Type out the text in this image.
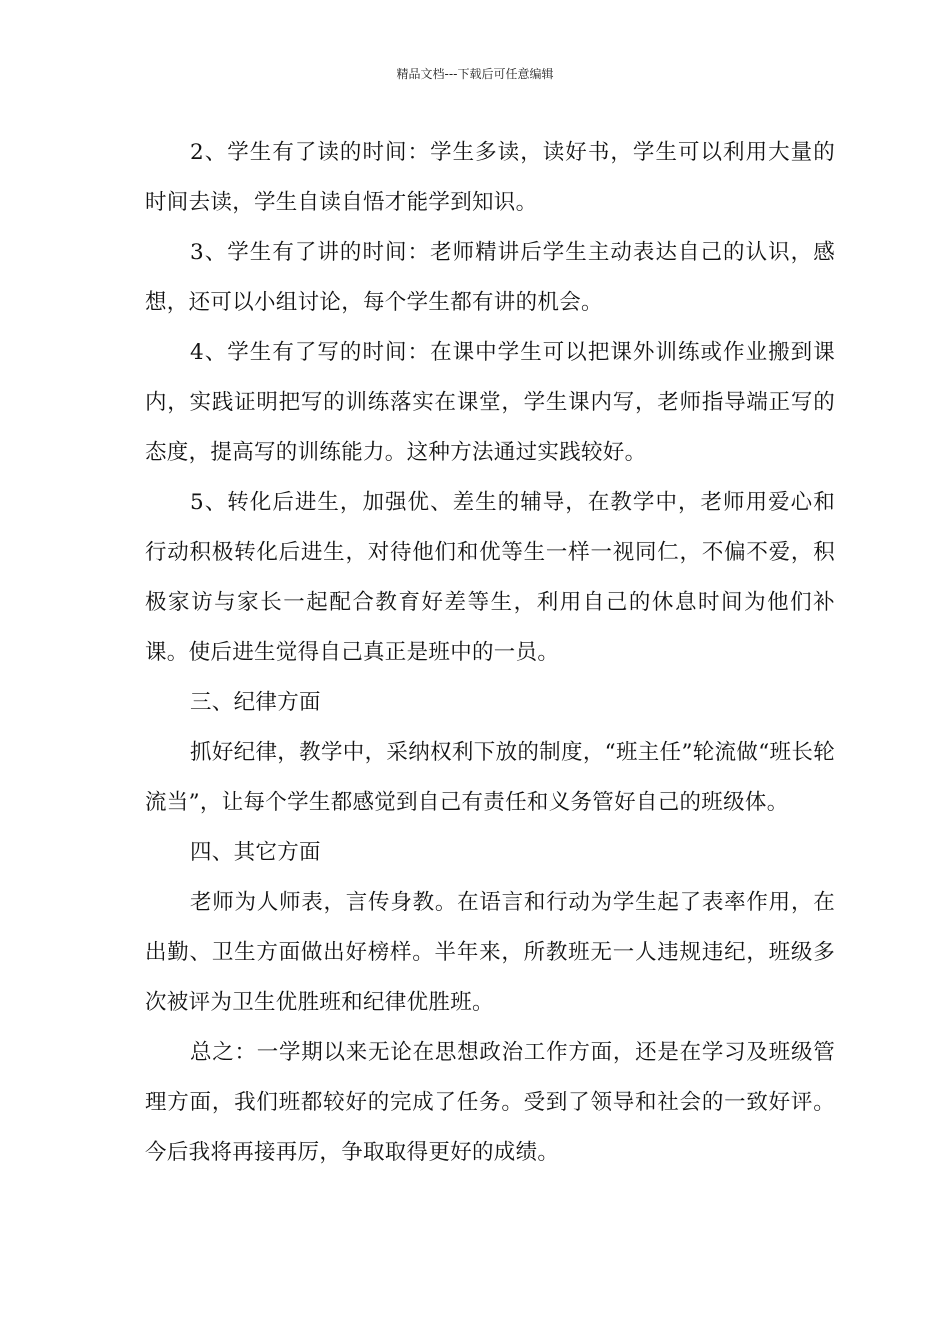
精品文档---下载后可任意编辑

2、学生有了读的时间：学生多读，读好书，学生可以利用大量的时间去读，学生自读自悟才能学到知识。

3、学生有了讲的时间：老师精讲后学生主动表达自己的认识，感想，还可以小组讨论，每个学生都有讲的机会。

4、学生有了写的时间：在课中学生可以把课外训练或作业搬到课内，实践证明把写的训练落实在课堂，学生课内写，老师指导端正写的态度，提高写的训练能力。这种方法通过实践较好。

5、转化后进生，加强优、差生的辅导，在教学中，老师用爱心和行动积极转化后进生，对待他们和优等生一样一视同仁，不偏不爱，积极家访与家长一起配合教育好差等生，利用自己的休息时间为他们补课。使后进生觉得自己真正是班中的一员。

三、纪律方面

抓好纪律，教学中，采纳权利下放的制度，“班主任”轮流做“班长轮流当”，让每个学生都感觉到自己有责任和义务管好自己的班级体。

四、其它方面

老师为人师表，言传身教。在语言和行动为学生起了表率作用，在出勤、卫生方面做出好榜样。半年来，所教班无一人违规违纪，班级多次被评为卫生优胜班和纪律优胜班。

总之：一学期以来无论在思想政治工作方面，还是在学习及班级管理方面，我们班都较好的完成了任务。受到了领导和社会的一致好评。今后我将再接再厉，争取取得更好的成绩。
